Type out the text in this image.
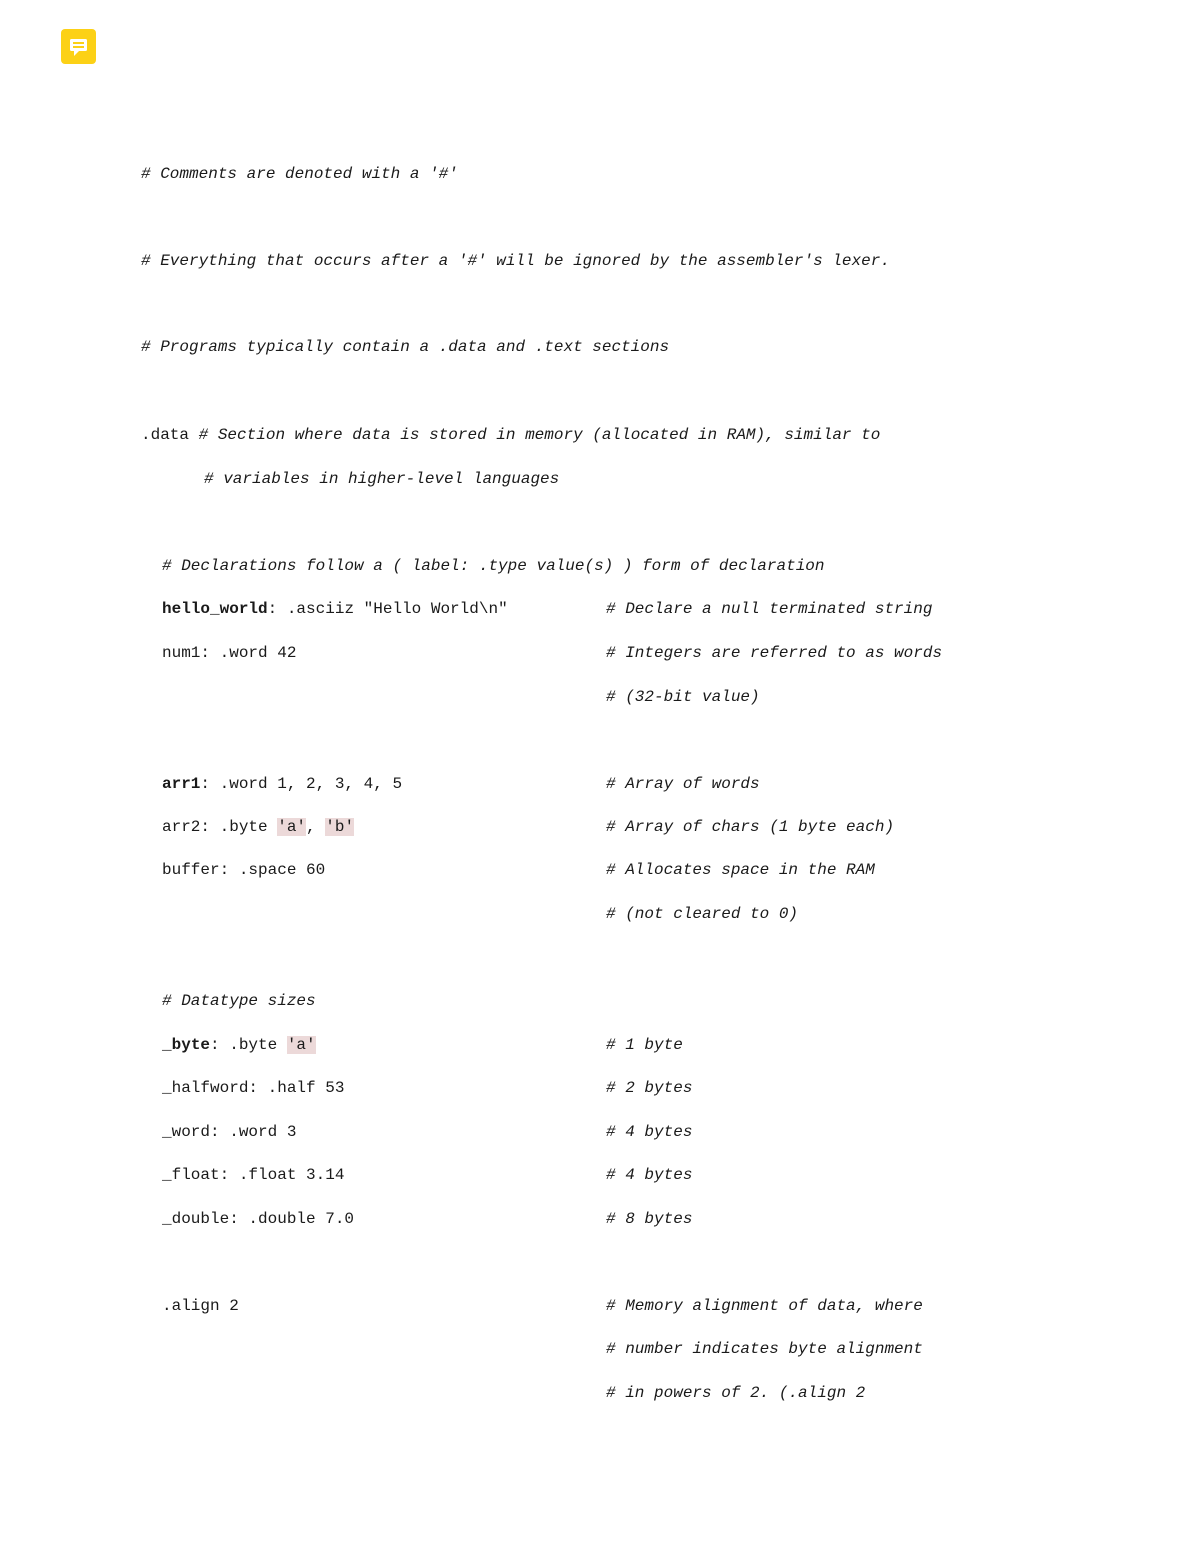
# Comments are denoted with a '#'
# Everything that occurs after a '#' will be ignored by the assembler's lexer.
# Programs typically contain a .data and .text sections
.data # Section where data is stored in memory (allocated in RAM), similar to
# variables in higher-level languages
# Declarations follow a ( label: .type value(s) ) form of declaration
hello_world: .asciiz "Hello World\n"	# Declare a null terminated string
num1: .word 42	# Integers are referred to as words
# (32-bit value)
arr1: .word 1, 2, 3, 4, 5	# Array of words
arr2: .byte 'a', 'b'	# Array of chars (1 byte each)
buffer: .space 60	# Allocates space in the RAM
# (not cleared to 0)
# Datatype sizes
_byte: .byte 'a'	# 1 byte
_halfword: .half 53	# 2 bytes
_word: .word 3	# 4 bytes
_float: .float 3.14	# 4 bytes
_double: .double 7.0	# 8 bytes
.align 2	# Memory alignment of data, where
# number indicates byte alignment
# in powers of 2. (.align 2
